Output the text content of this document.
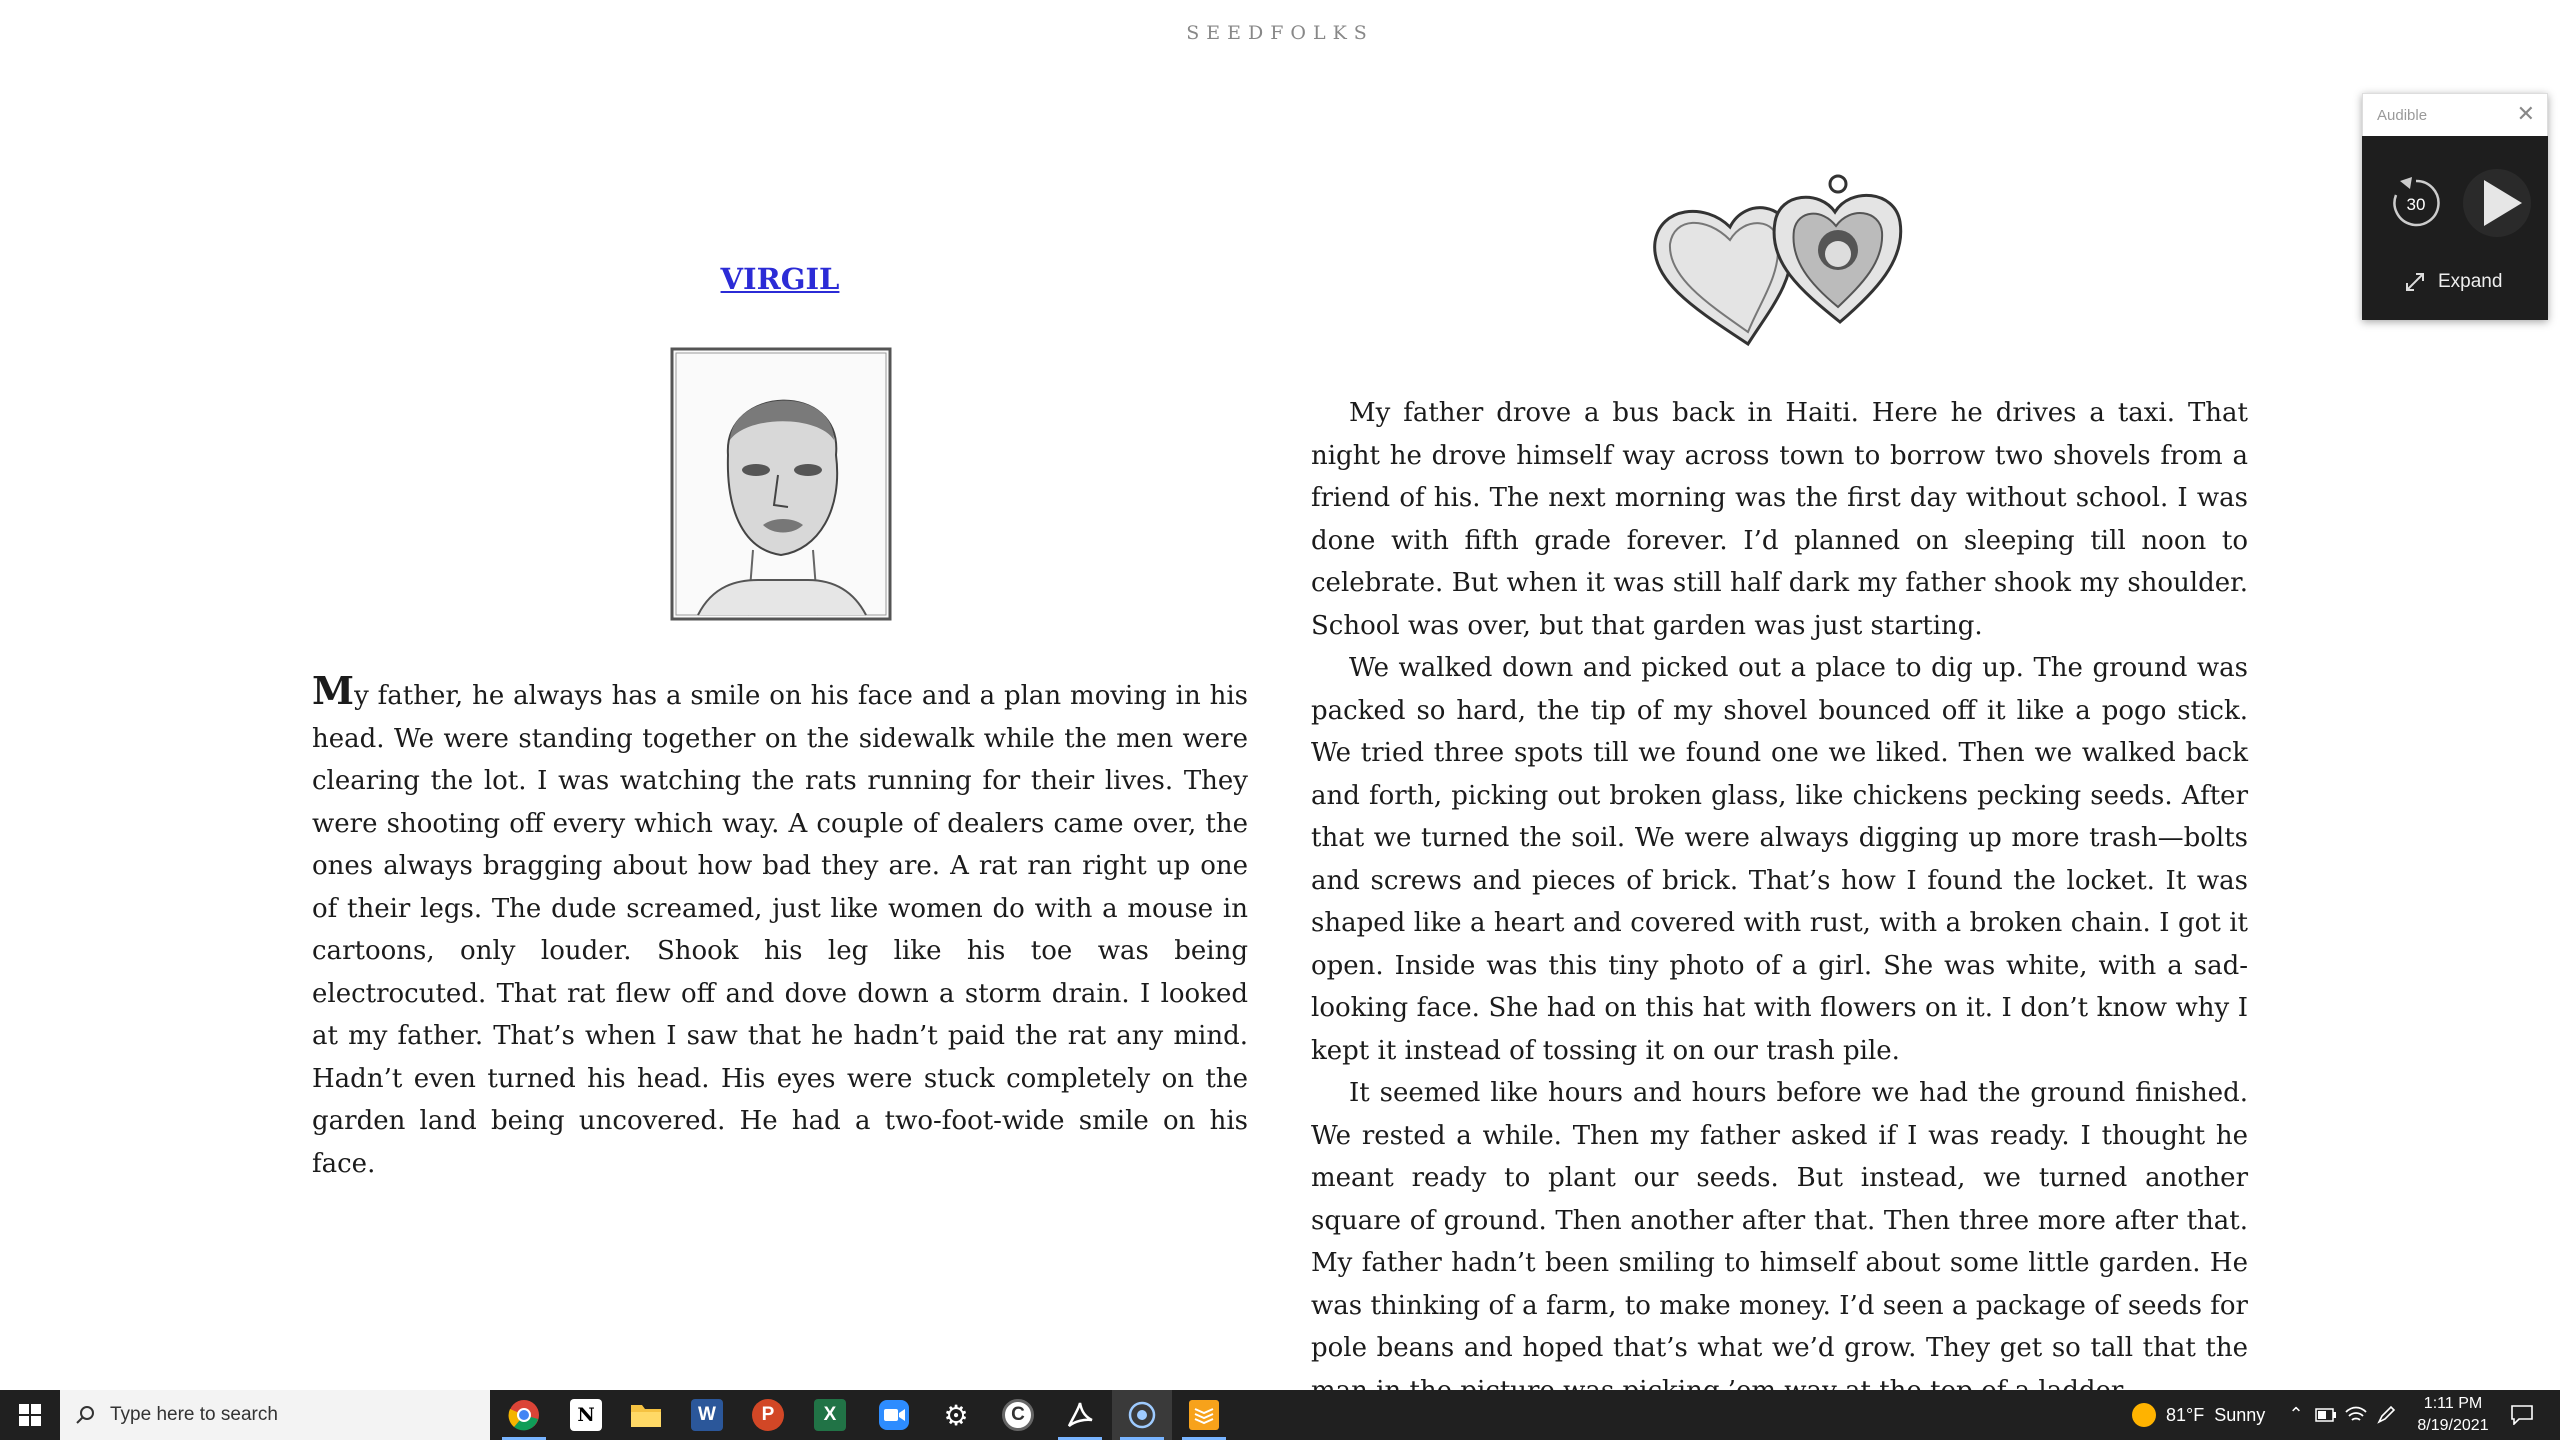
SEEDFOLKS
VIRGIL

My father, he always has a smile on his face and a plan moving in his head. We were standing together on the sidewalk while the men were clearing the lot. I was watching the rats running for their lives. They were shooting off every which way. A couple of dealers came over, the ones always bragging about how bad they are. A rat ran right up one of their legs. The dude screamed, just like women do with a mouse in cartoons, only louder. Shook his leg like his toe was being electrocuted. That rat flew off and dove down a storm drain. I looked at my father. That’s when I saw that he hadn’t paid the rat any mind. Hadn’t even turned his head. His eyes were stuck completely on the garden land being uncovered. He had a two-foot-wide smile on his face.

My father drove a bus back in Haiti. Here he drives a taxi. That night he drove himself way across town to borrow two shovels from a friend of his. The next morning was the first day without school. I was done with fifth grade forever. I’d planned on sleeping till noon to celebrate. But when it was still half dark my father shook my shoulder. School was over, but that garden was just starting.

We walked down and picked out a place to dig up. The ground was packed so hard, the tip of my shovel bounced off it like a pogo stick. We tried three spots till we found one we liked. Then we walked back and forth, picking out broken glass, like chickens pecking seeds. After that we turned the soil. We were always digging up more trash—bolts and screws and pieces of brick. That’s how I found the locket. It was shaped like a heart and covered with rust, with a broken chain. I got it open. Inside was this tiny photo of a girl. She was white, with a sad-looking face. She had on this hat with flowers on it. I don’t know why I kept it instead of tossing it on our trash pile.

It seemed like hours and hours before we had the ground finished. We rested a while. Then my father asked if I was ready. I thought he meant ready to plant our seeds. But instead, we turned another square of ground. Then another after that. Then three more after that. My father hadn’t been smiling to himself about some little garden. He was thinking of a farm, to make money. I’d seen a package of seeds for pole beans and hoped that’s what we’d grow. They get so tall that the

Audible	✕
30
Expand
Type here to search	N	W	P	X	⚙	C	81°F Sunny ⌃
1:11 PM
8/19/2021
